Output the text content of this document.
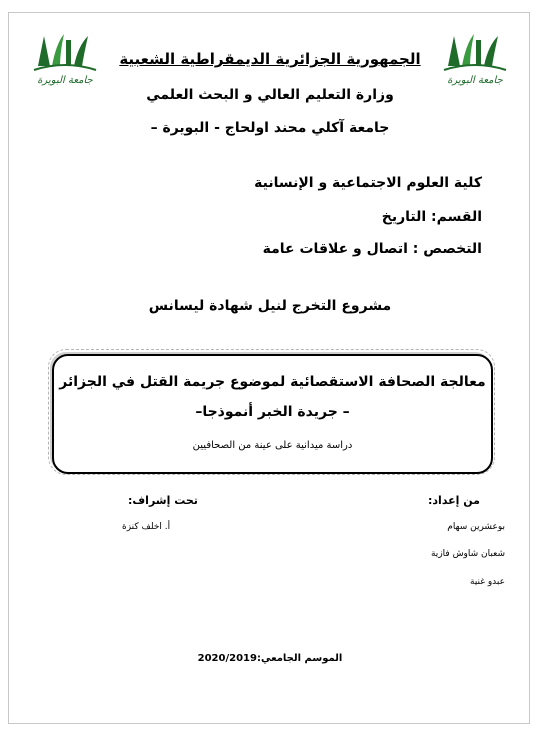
جامعة البويرة	جامعة البويرة
الجمهورية الجزائرية الديمقراطية الشعبية
وزارة التعليم العالي و البحث العلمي
جامعة آكلي محند اولحاج - البويرة –
كلية العلوم الاجتماعية و الإنسانية
القسم: التاريخ
التخصص : اتصال و علاقات عامة
مشروع التخرج لنيل شهادة ليسانس
معالجة الصحافة الاستقصائية لموضوع جريمة القتل في الجزائر
– جريدة الخبر أنموذجا–
دراسة ميدانية على عينة من الصحافيين
من إعداد:
بوعشرين سهام
شعبان شاوش فازية
عبدو غنية
تحت إشراف:
أ. اخلف كنزة
الموسم الجامعي:2020/2019
